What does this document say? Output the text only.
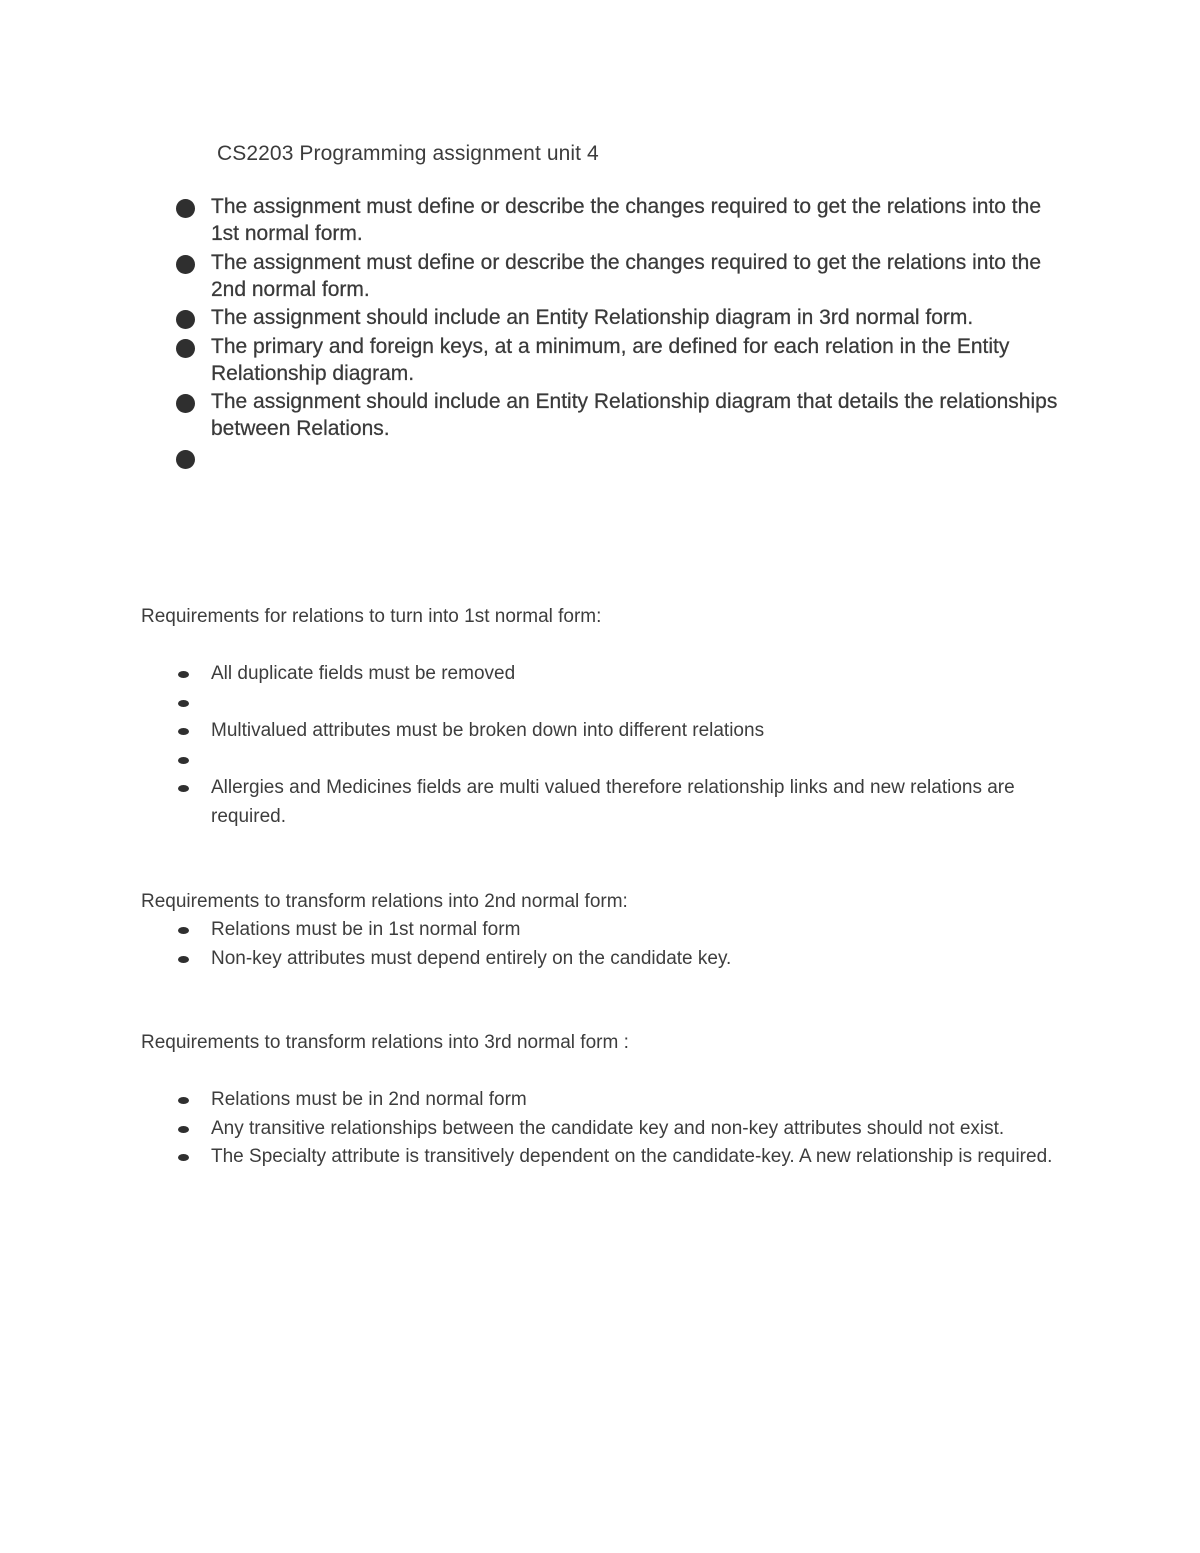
CS2203 Programming assignment unit 4
The assignment must define or describe the changes required to get the relations into the 1st normal form.
The assignment must define or describe the changes required to get the relations into the 2nd normal form.
The assignment should include an Entity Relationship diagram in 3rd normal form.
The primary and foreign keys, at a minimum, are defined for each relation in the Entity Relationship diagram.
The assignment should include an Entity Relationship diagram that details the relationships between Relations.

Requirements for relations to turn into 1st normal form:

All duplicate fields must be removed
Multivalued attributes must be broken down into different relations
Allergies and Medicines fields are multi valued therefore relationship links and new relations are required.

Requirements to transform relations into 2nd normal form:

Relations must be in 1st normal form
Non-key attributes must depend entirely on the candidate key.

Requirements to transform relations into 3rd normal form :

Relations must be in 2nd normal form
Any transitive relationships between the candidate key and non-key attributes should not exist.
The Specialty attribute is transitively dependent on the candidate-key. A new relationship is required.
